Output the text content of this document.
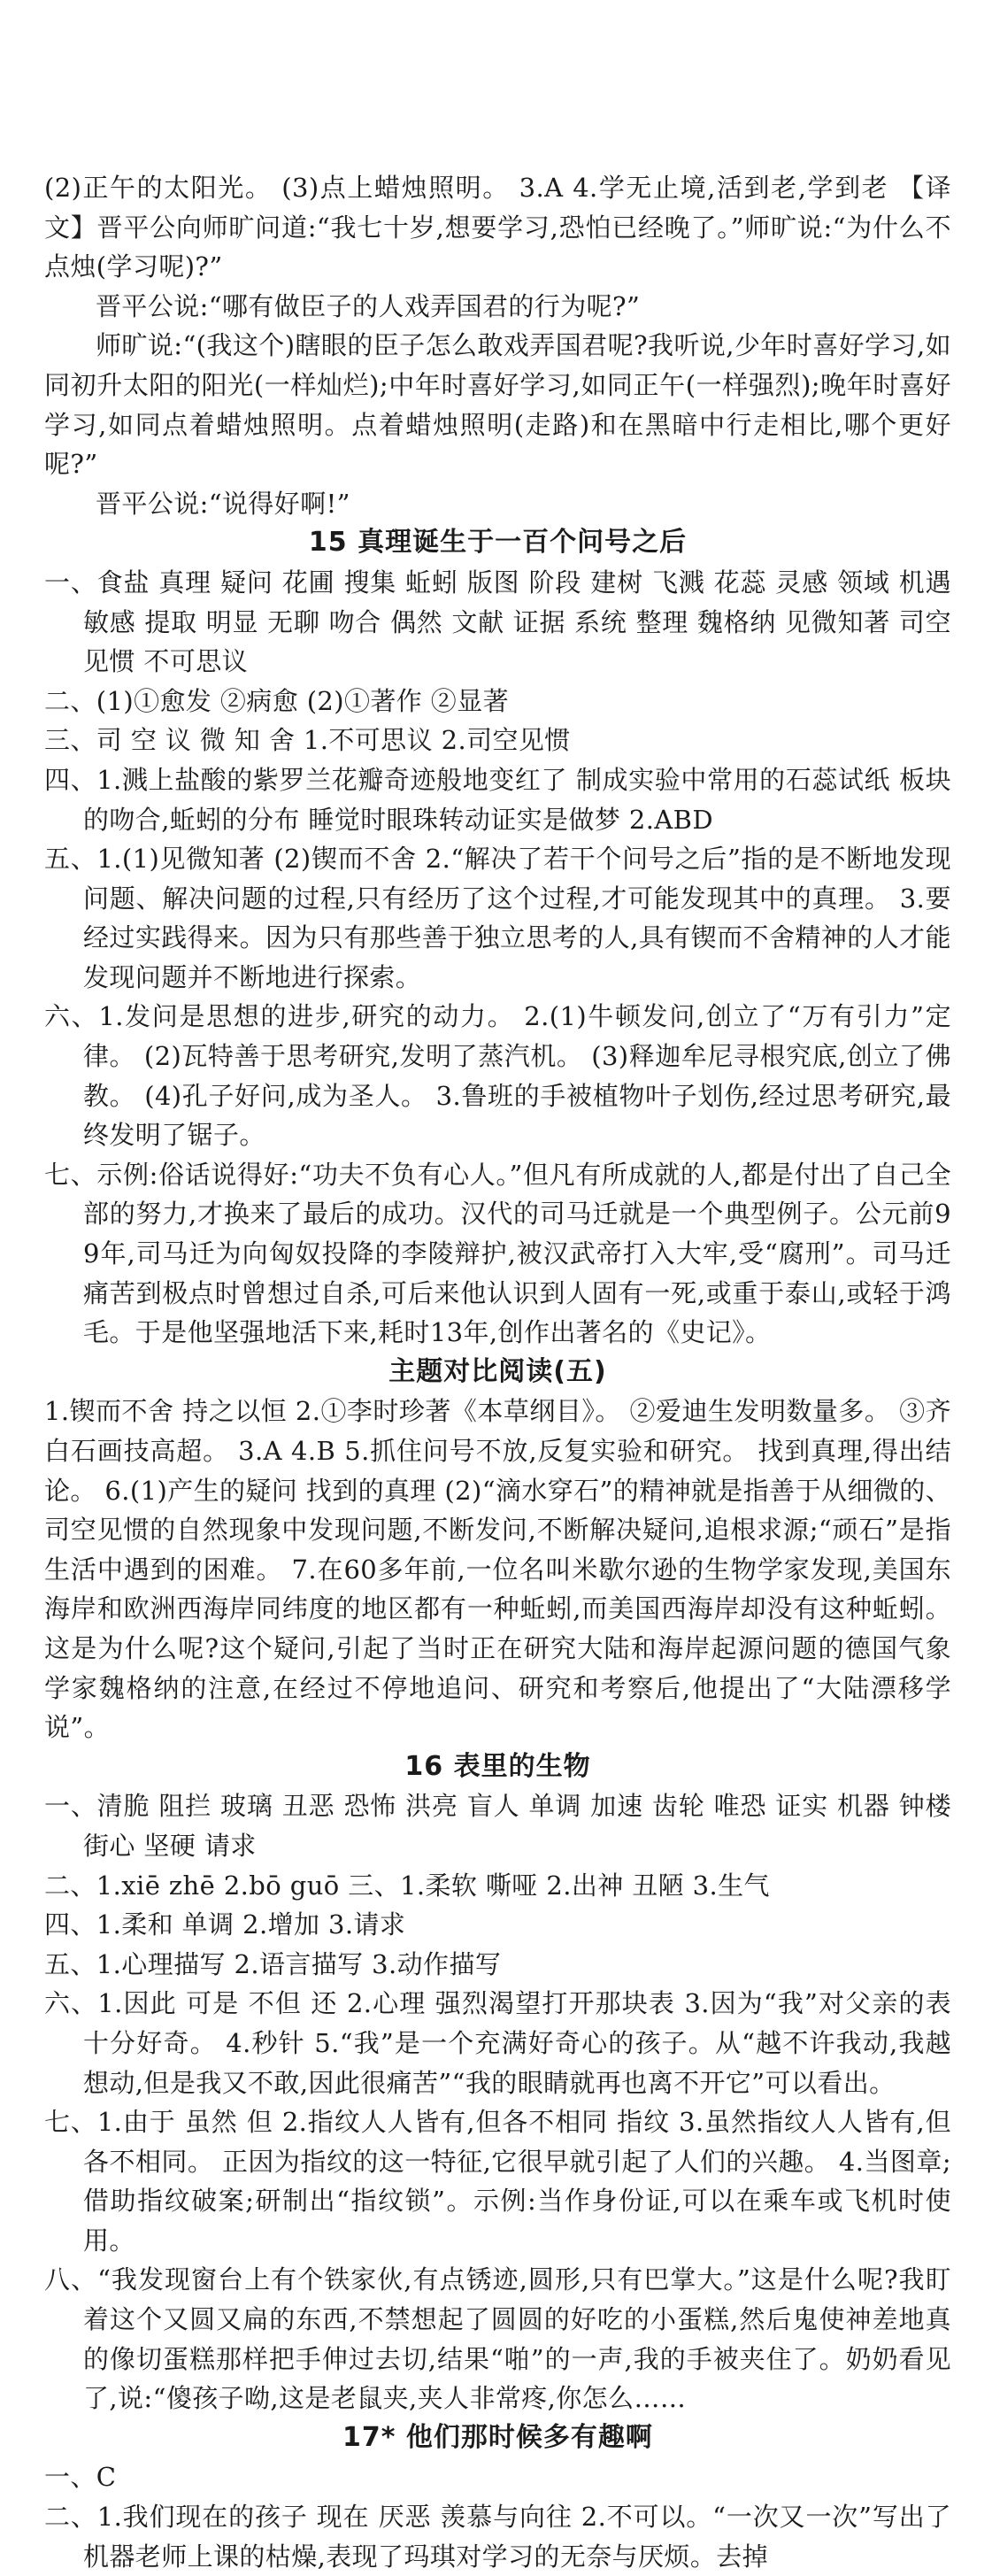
(2)正午的太阳光。 (3)点上蜡烛照明。 3.A 4.学无止境,活到老,学到老 【译文】晋平公向师旷问道:“我七十岁,想要学习,恐怕已经晚了。”师旷说:“为什么不点烛(学习呢)?”

晋平公说:“哪有做臣子的人戏弄国君的行为呢?”

师旷说:“(我这个)瞎眼的臣子怎么敢戏弄国君呢?我听说,少年时喜好学习,如同初升太阳的阳光(一样灿烂);中年时喜好学习,如同正午(一样强烈);晚年时喜好学习,如同点着蜡烛照明。点着蜡烛照明(走路)和在黑暗中行走相比,哪个更好呢?”

晋平公说:“说得好啊!”

15 真理诞生于一百个问号之后

一、食盐 真理 疑问 花圃 搜集 蚯蚓 版图 阶段 建树 飞溅 花蕊 灵感 领域 机遇 敏感 提取 明显 无聊 吻合 偶然 文献 证据 系统 整理 魏格纳 见微知著 司空见惯 不可思议

二、(1)①愈发 ②病愈 (2)①著作 ②显著

三、司 空 议 微 知 舍 1.不可思议 2.司空见惯

四、1.溅上盐酸的紫罗兰花瓣奇迹般地变红了 制成实验中常用的石蕊试纸 板块的吻合,蚯蚓的分布 睡觉时眼珠转动证实是做梦 2.ABD

五、1.(1)见微知著 (2)锲而不舍 2.“解决了若干个问号之后”指的是不断地发现问题、解决问题的过程,只有经历了这个过程,才可能发现其中的真理。 3.要经过实践得来。因为只有那些善于独立思考的人,具有锲而不舍精神的人才能发现问题并不断地进行探索。

六、1.发问是思想的进步,研究的动力。 2.(1)牛顿发问,创立了“万有引力”定律。 (2)瓦特善于思考研究,发明了蒸汽机。 (3)释迦牟尼寻根究底,创立了佛教。 (4)孔子好问,成为圣人。 3.鲁班的手被植物叶子划伤,经过思考研究,最终发明了锯子。

七、示例:俗话说得好:“功夫不负有心人。”但凡有所成就的人,都是付出了自己全部的努力,才换来了最后的成功。汉代的司马迁就是一个典型例子。公元前99年,司马迁为向匈奴投降的李陵辩护,被汉武帝打入大牢,受“腐刑”。司马迁痛苦到极点时曾想过自杀,可后来他认识到人固有一死,或重于泰山,或轻于鸿毛。于是他坚强地活下来,耗时13年,创作出著名的《史记》。

主题对比阅读(五)

1.锲而不舍 持之以恒 2.①李时珍著《本草纲目》。 ②爱迪生发明数量多。 ③齐白石画技高超。 3.A 4.B 5.抓住问号不放,反复实验和研究。 找到真理,得出结论。 6.(1)产生的疑问 找到的真理 (2)“滴水穿石”的精神就是指善于从细微的、司空见惯的自然现象中发现问题,不断发问,不断解决疑问,追根求源;“顽石”是指生活中遇到的困难。 7.在60多年前,一位名叫米歇尔逊的生物学家发现,美国东海岸和欧洲西海岸同纬度的地区都有一种蚯蚓,而美国西海岸却没有这种蚯蚓。这是为什么呢?这个疑问,引起了当时正在研究大陆和海岸起源问题的德国气象学家魏格纳的注意,在经过不停地追问、研究和考察后,他提出了“大陆漂移学说”。

16 表里的生物

一、清脆 阻拦 玻璃 丑恶 恐怖 洪亮 盲人 单调 加速 齿轮 唯恐 证实 机器 钟楼 街心 坚硬 请求

二、1.xiē zhē 2.bō guō 三、1.柔软 嘶哑 2.出神 丑陋 3.生气

四、1.柔和 单调 2.增加 3.请求

五、1.心理描写 2.语言描写 3.动作描写

六、1.因此 可是 不但 还 2.心理 强烈渴望打开那块表 3.因为“我”对父亲的表十分好奇。 4.秒针 5.“我”是一个充满好奇心的孩子。从“越不许我动,我越想动,但是我又不敢,因此很痛苦”“我的眼睛就再也离不开它”可以看出。

七、1.由于 虽然 但 2.指纹人人皆有,但各不相同 指纹 3.虽然指纹人人皆有,但各不相同。 正因为指纹的这一特征,它很早就引起了人们的兴趣。 4.当图章;借助指纹破案;研制出“指纹锁”。示例:当作身份证,可以在乘车或飞机时使用。

八、“我发现窗台上有个铁家伙,有点锈迹,圆形,只有巴掌大。”这是什么呢?我盯着这个又圆又扁的东西,不禁想起了圆圆的好吃的小蛋糕,然后鬼使神差地真的像切蛋糕那样把手伸过去切,结果“啪”的一声,我的手被夹住了。奶奶看见了,说:“傻孩子呦,这是老鼠夹,夹人非常疼,你怎么……

17* 他们那时候多有趣啊

一、C

二、1.我们现在的孩子 现在 厌恶 羡慕与向往 2.不可以。“一次又一次”写出了机器老师上课的枯燥,表现了玛琪对学习的无奈与厌烦。去掉
